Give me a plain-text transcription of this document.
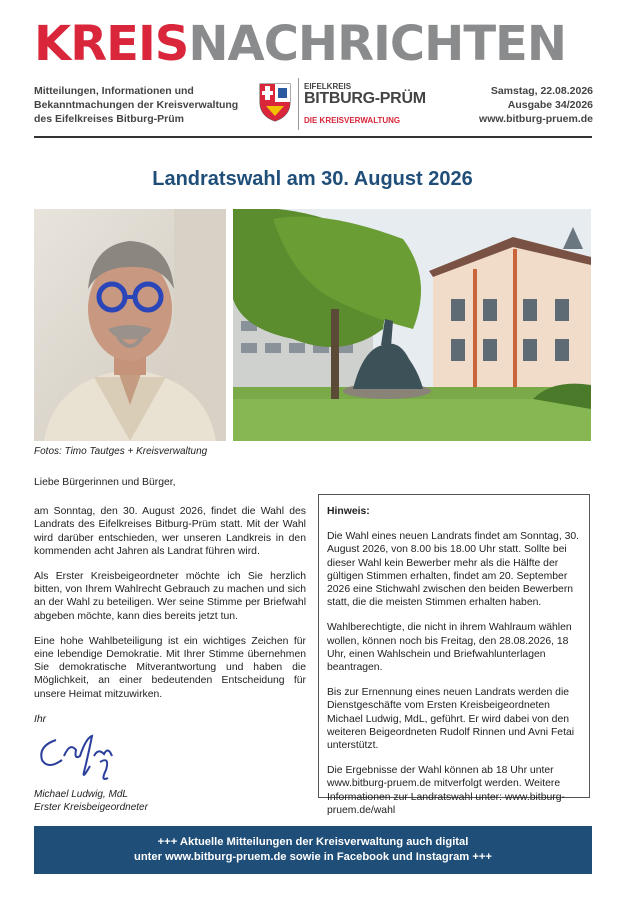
KREISNACHRICHTEN
Mitteilungen, Informationen und
Bekanntmachungen der Kreisverwaltung
des Eifelkreises Bitburg-Prüm
EIFELKREIS
BITBURG-PRÜM
DIE KREISVERWALTUNG
Samstag, 22.08.2026
Ausgabe 34/2026
www.bitburg-pruem.de
Landratswahl am 30. August 2026
Fotos: Timo Tautges + Kreisverwaltung

Liebe Bürgerinnen und Bürger,

am Sonntag, den 30. August 2026, findet die Wahl des Landrats des Eifelkreises Bitburg-Prüm statt. Mit der Wahl wird darüber entschieden, wer unseren Landkreis in den kommenden acht Jahren als Landrat führen wird.

Als Erster Kreisbeigeordneter möchte ich Sie herzlich bitten, von Ihrem Wahlrecht Gebrauch zu machen und sich an der Wahl zu beteiligen. Wer seine Stimme per Briefwahl abgeben möchte, kann dies bereits jetzt tun.

Eine hohe Wahlbeteiligung ist ein wichtiges Zeichen für eine lebendige Demokratie. Mit Ihrer Stimme übernehmen Sie demokratische Mitverantwortung und haben die Möglichkeit, an einer bedeutenden Entscheidung für unsere Heimat mitzuwirken.

Ihr

Michael Ludwig, MdL
Erster Kreisbeigeordneter
Hinweis:

Die Wahl eines neuen Landrats findet am Sonntag, 30. August 2026, von 8.00 bis 18.00 Uhr statt. Sollte bei dieser Wahl kein Bewerber mehr als die Hälfte der gültigen Stimmen erhalten, findet am 20. September 2026 eine Stichwahl zwischen den beiden Bewerbern statt, die die meisten Stimmen erhalten haben.

Wahlberechtigte, die nicht in ihrem Wahlraum wählen wollen, können noch bis Freitag, den 28.08.2026, 18 Uhr, einen Wahlschein und Briefwahlunterlagen beantragen.

Bis zur Ernennung eines neuen Landrats werden die Dienstgeschäfte vom Ersten Kreisbeigeordneten Michael Ludwig, MdL, geführt. Er wird dabei von den weiteren Beigeordneten Rudolf Rinnen und Avni Fetai unterstützt.

Die Ergebnisse der Wahl können ab 18 Uhr unter www.bitburg-pruem.de mitverfolgt werden. Weitere Informationen zur Landratswahl unter: www.bitburg-pruem.de/wahl

+++ Aktuelle Mitteilungen der Kreisverwaltung auch digital
unter www.bitburg-pruem.de sowie in Facebook und Instagram +++
